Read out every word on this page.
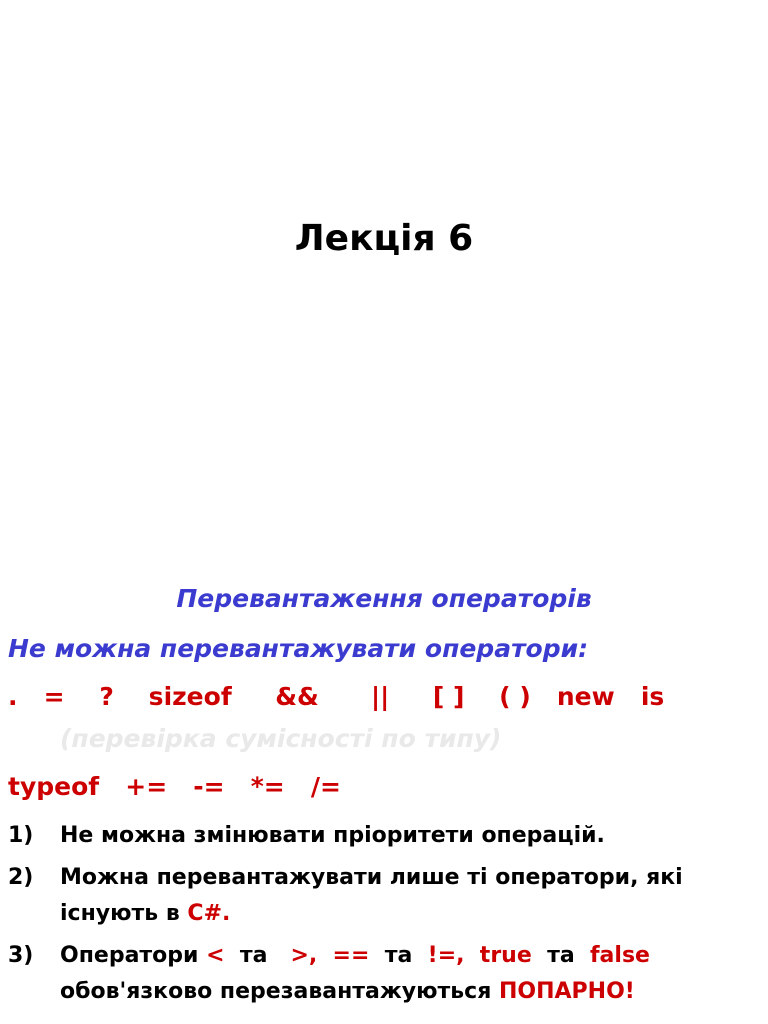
Лекція 6
Перевантаження операторів
Не можна перевантажувати оператори:
.   =    ?    sizeof     &&      ||     [ ]    ( )   new   is
(перевірка сумісності по типу)
typeof   +=   -=   *=   /=
1)	Не можна змінювати пріоритети операцій.
2)	Можна перевантажувати лише ті оператори, які існують в C#.
3)	Оператори <  та   >,  ==  та  !=,  true  та  false обов'язково перезавантажуються ПОПАРНО!
